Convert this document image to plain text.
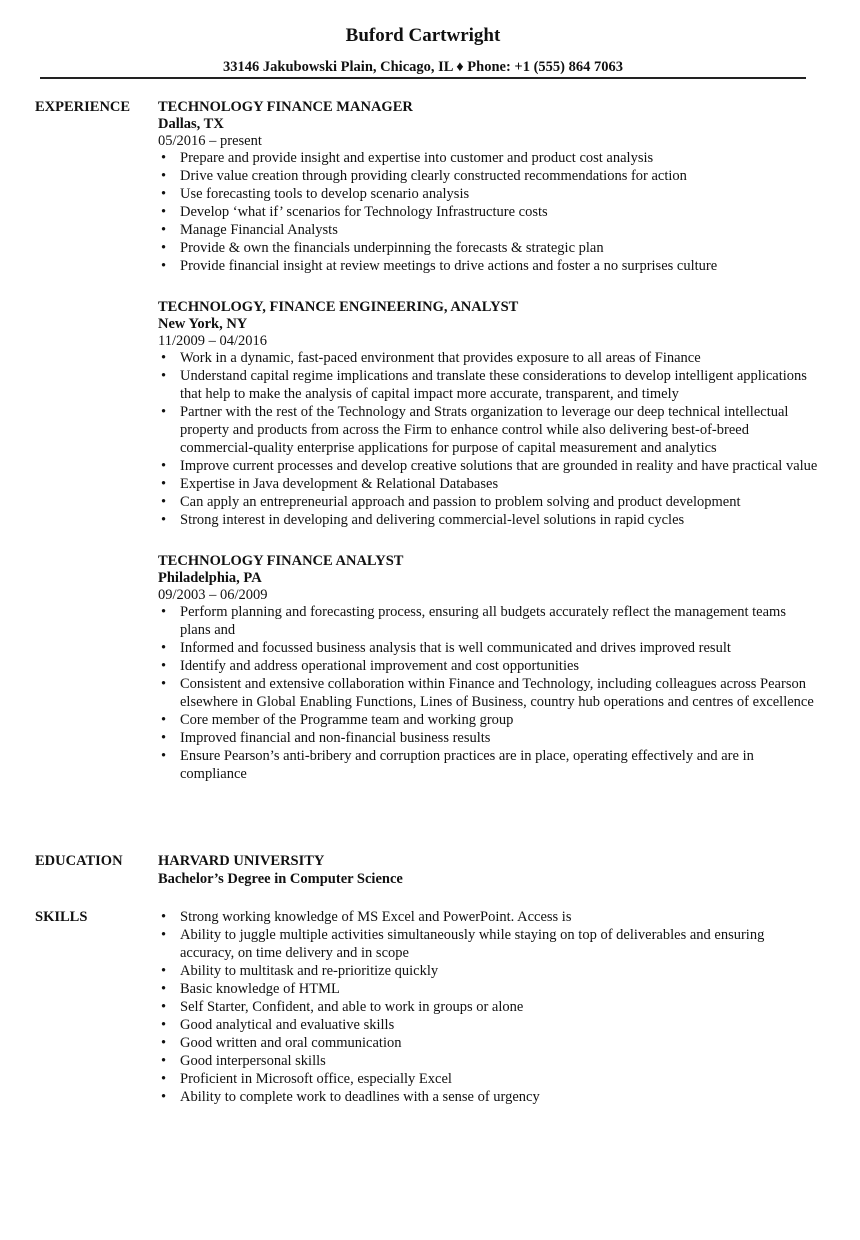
Buford Cartwright
33146 Jakubowski Plain, Chicago, IL ♦ Phone: +1 (555) 864 7063
EXPERIENCE TECHNOLOGY FINANCE MANAGER
Dallas, TX
05/2016 – present
• Prepare and provide insight and expertise into customer and product cost analysis
• Drive value creation through providing clearly constructed recommendations for action
• Use forecasting tools to develop scenario analysis
• Develop ‘what if’ scenarios for Technology Infrastructure costs
• Manage Financial Analysts
• Provide & own the financials underpinning the forecasts & strategic plan
• Provide financial insight at review meetings to drive actions and foster a no surprises culture
TECHNOLOGY, FINANCE ENGINEERING, ANALYST
New York, NY
11/2009 – 04/2016
• Work in a dynamic, fast-paced environment that provides exposure to all areas of Finance
• Understand capital regime implications and translate these considerations to develop intelligent applications that help to make the analysis of capital impact more accurate, transparent, and timely
• Partner with the rest of the Technology and Strats organization to leverage our deep technical intellectual property and products from across the Firm to enhance control while also delivering best-of-breed commercial-quality enterprise applications for purpose of capital measurement and analytics
• Improve current processes and develop creative solutions that are grounded in reality and have practical value
• Expertise in Java development & Relational Databases
• Can apply an entrepreneurial approach and passion to problem solving and product development
• Strong interest in developing and delivering commercial-level solutions in rapid cycles
TECHNOLOGY FINANCE ANALYST
Philadelphia, PA
09/2003 – 06/2009
• Perform planning and forecasting process, ensuring all budgets accurately reflect the management teams plans and
• Informed and focussed business analysis that is well communicated and drives improved result
• Identify and address operational improvement and cost opportunities
• Consistent and extensive collaboration within Finance and Technology, including colleagues across Pearson elsewhere in Global Enabling Functions, Lines of Business, country hub operations and centres of excellence
• Core member of the Programme team and working group
• Improved financial and non-financial business results
• Ensure Pearson’s anti-bribery and corruption practices are in place, operating effectively and are in compliance
EDUCATION HARVARD UNIVERSITY
Bachelor’s Degree in Computer Science
SKILLS
•	Strong working knowledge of MS Excel and PowerPoint. Access is
• Ability to juggle multiple activities simultaneously while staying on top of deliverables and ensuring accuracy, on time delivery and in scope
• Ability to multitask and re-prioritize quickly
• Basic knowledge of HTML
• Self Starter, Confident, and able to work in groups or alone
• Good analytical and evaluative skills
• Good written and oral communication
• Good interpersonal skills
• Proficient in Microsoft office, especially Excel
• Ability to complete work to deadlines with a sense of urgency
